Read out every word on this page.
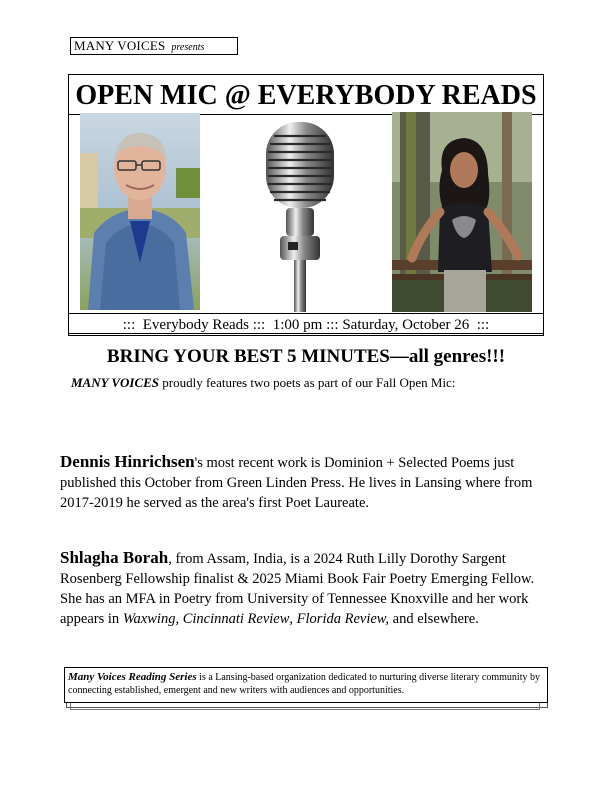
MANY VOICES presents
OPEN MIC @ EVERYBODY READS
:::  Everybody Reads :::  1:00 pm ::: Saturday, October 26  :::
BRING YOUR BEST 5 MINUTES—all genres!!!
MANY VOICES proudly features two poets as part of our Fall Open Mic:
Dennis Hinrichsen's most recent work is Dominion + Selected Poems just published this October from Green Linden Press. He lives in Lansing where from 2017-2019 he served as the area's first Poet Laureate.
Shlagha Borah, from Assam, India, is a 2024 Ruth Lilly Dorothy Sargent Rosenberg Fellowship finalist & 2025 Miami Book Fair Poetry Emerging Fellow. She has an MFA in Poetry from University of Tennessee Knoxville and her work appears in Waxwing, Cincinnati Review, Florida Review, and elsewhere.
Many Voices Reading Series is a Lansing-based organization dedicated to nurturing diverse literary community by connecting established, emergent and new writers with audiences and opportunities.
